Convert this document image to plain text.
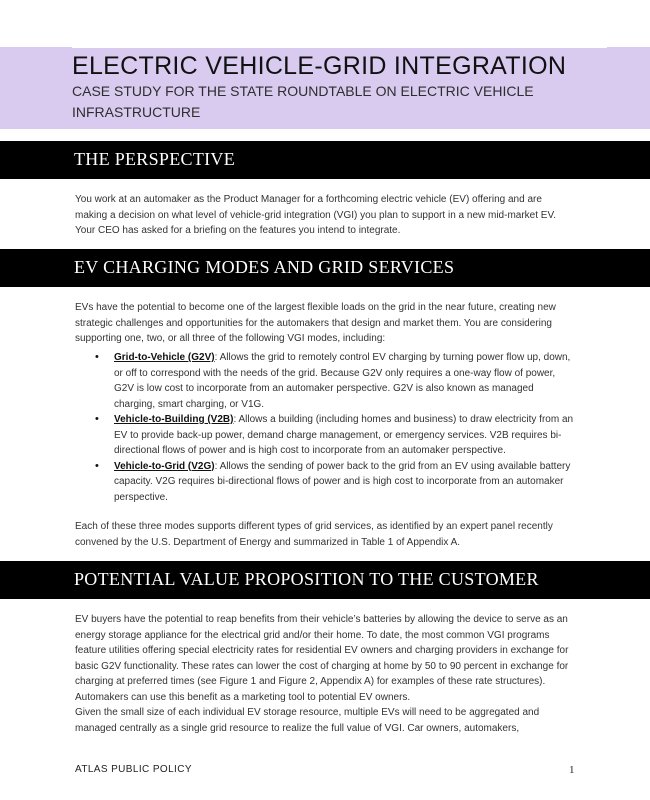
ELECTRIC VEHICLE-GRID INTEGRATION

CASE STUDY FOR THE STATE ROUNDTABLE ON ELECTRIC VEHICLE INFRASTRUCTURE

THE PERSPECTIVE

You work at an automaker as the Product Manager for a forthcoming electric vehicle (EV) offering and are making a decision on what level of vehicle-grid integration (VGI) you plan to support in a new mid-market EV. Your CEO has asked for a briefing on the features you intend to integrate.

EV CHARGING MODES AND GRID SERVICES

EVs have the potential to become one of the largest flexible loads on the grid in the near future, creating new strategic challenges and opportunities for the automakers that design and market them. You are considering supporting one, two, or all three of the following VGI modes, including:

• Grid-to-Vehicle (G2V): Allows the grid to remotely control EV charging by turning power flow up, down, or off to correspond with the needs of the grid. Because G2V only requires a one-way flow of power, G2V is low cost to incorporate from an automaker perspective. G2V is also known as managed charging, smart charging, or V1G.
• Vehicle-to-Building (V2B): Allows a building (including homes and business) to draw electricity from an EV to provide back-up power, demand charge management, or emergency services. V2B requires bi-directional flows of power and is high cost to incorporate from an automaker perspective.
• Vehicle-to-Grid (V2G): Allows the sending of power back to the grid from an EV using available battery capacity. V2G requires bi-directional flows of power and is high cost to incorporate from an automaker perspective.

Each of these three modes supports different types of grid services, as identified by an expert panel recently convened by the U.S. Department of Energy and summarized in Table 1 of Appendix A.

POTENTIAL VALUE PROPOSITION TO THE CUSTOMER

EV buyers have the potential to reap benefits from their vehicle’s batteries by allowing the device to serve as an energy storage appliance for the electrical grid and/or their home. To date, the most common VGI programs feature utilities offering special electricity rates for residential EV owners and charging providers in exchange for basic G2V functionality. These rates can lower the cost of charging at home by 50 to 90 percent in exchange for charging at preferred times (see Figure 1 and Figure 2, Appendix A) for examples of these rate structures). Automakers can use this benefit as a marketing tool to potential EV owners.

Given the small size of each individual EV storage resource, multiple EVs will need to be aggregated and managed centrally as a single grid resource to realize the full value of VGI. Car owners, automakers,

ATLAS PUBLIC POLICY	1
